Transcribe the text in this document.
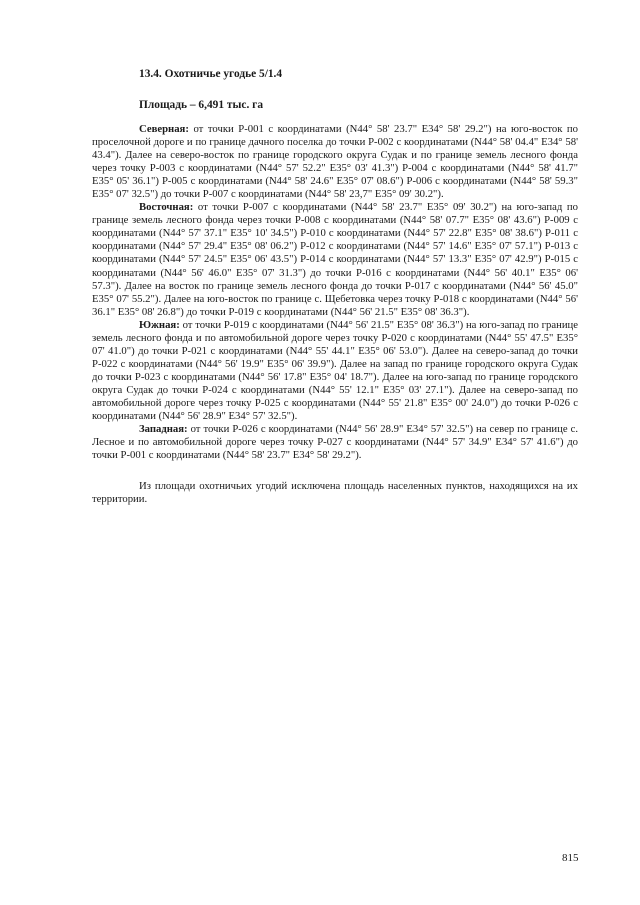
13.4. Охотничье угодье 5/1.4
Площадь – 6,491 тыс. га

Северная: от точки Р-001 с координатами (N44° 58' 23.7" E34° 58' 29.2") на юго-восток по проселочной дороге и по границе дачного поселка до точки Р-002 с координатами (N44° 58' 04.4" E34° 58' 43.4"). Далее на северо-восток по границе городского округа Судак и по границе земель лесного фонда через точку Р-003 с координатами (N44° 57' 52.2" E35° 03' 41.3") Р-004 с координатами (N44° 58' 41.7" E35° 05' 36.1") Р-005 с координатами (N44° 58' 24.6" E35° 07' 08.6") Р-006 с координатами (N44° 58' 59.3" E35° 07' 32.5") до точки Р-007 с координатами (N44° 58' 23,7" E35° 09' 30.2").

Восточная: от точки Р-007 с координатами (N44° 58' 23.7" E35° 09' 30.2") на юго-запад по границе земель лесного фонда через точки Р-008 с координатами (N44° 58' 07.7" E35° 08' 43.6") Р-009 с координатами (N44° 57' 37.1" E35° 10' 34.5") Р-010 с координатами (N44° 57' 22.8" E35° 08' 38.6") Р-011 с координатами (N44° 57' 29.4" E35° 08' 06.2") Р-012 с координатами (N44° 57' 14.6" E35° 07' 57.1") Р-013 с координатами (N44° 57' 24.5" E35° 06' 43.5") Р-014 с координатами (N44° 57' 13.3" E35° 07' 42.9") Р-015 с координатами (N44° 56' 46.0" E35° 07' 31.3") до точки Р-016 с координатами (N44° 56' 40.1" E35° 06' 57.3"). Далее на восток по границе земель лесного фонда до точки Р-017 с координатами (N44° 56' 45.0" E35° 07' 55.2"). Далее на юго-восток по границе с. Щебетовка через точку Р-018 с координатами (N44° 56' 36.1" E35° 08' 26.8") до точки Р-019 с координатами (N44° 56' 21.5" E35° 08' 36.3").

Южная: от точки Р-019 с координатами (N44° 56' 21.5" E35° 08' 36.3") на юго-запад по границе земель лесного фонда и по автомобильной дороге через точку Р-020 с координатами (N44° 55' 47.5" E35° 07' 41.0") до точки Р-021 с координатами (N44° 55' 44.1" E35° 06' 53.0"). Далее на северо-запад до точки Р-022 с координатами (N44° 56' 19.9" E35° 06' 39.9"). Далее на запад по границе городского округа Судак до точки Р-023 с координатами (N44° 56' 17.8" E35° 04' 18.7"). Далее на юго-запад по границе городского округа Судак до точки Р-024 с координатами (N44° 55' 12.1" E35° 03' 27.1"). Далее на северо-запад по автомобильной дороге через точку Р-025 с координатами (N44° 55' 21.8" E35° 00' 24.0") до точки Р-026 с координатами (N44° 56' 28.9" E34° 57' 32.5").

Западная: от точки Р-026 с координатами (N44° 56' 28.9" E34° 57' 32.5") на север по границе с. Лесное и по автомобильной дороге через точку Р-027 с координатами (N44° 57' 34.9" E34° 57' 41.6") до точки Р-001 с координатами (N44° 58' 23.7" E34° 58' 29.2").

Из площади охотничьих угодий исключена площадь населенных пунктов, находящихся на их территории.

815
